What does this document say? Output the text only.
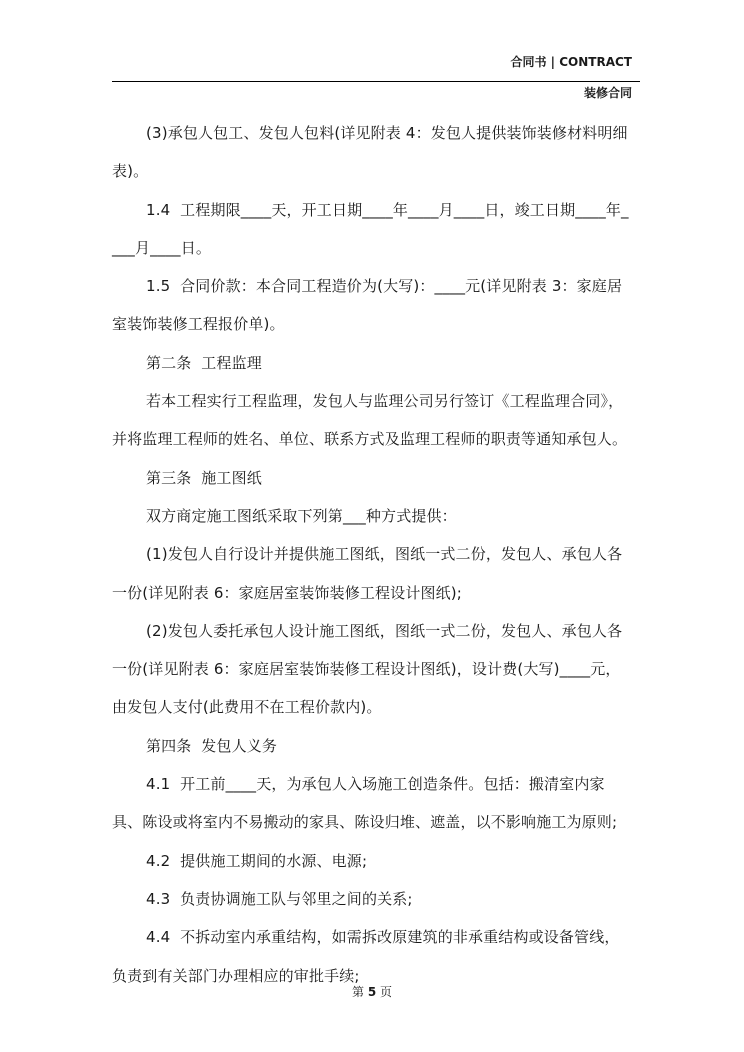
合同书 | CONTRACT
装修合同

(3)承包人包工、发包人包料(详见附表 4：发包人提供装饰装修材料明细表)。

1.4  工程期限____天，开工日期____年____月____日，竣工日期____年____月____日。

1.5  合同价款：本合同工程造价为(大写)：____元(详见附表 3：家庭居室装饰装修工程报价单)。

第二条  工程监理

若本工程实行工程监理，发包人与监理公司另行签订《工程监理合同》，并将监理工程师的姓名、单位、联系方式及监理工程师的职责等通知承包人。

第三条  施工图纸

双方商定施工图纸采取下列第___种方式提供：

(1)发包人自行设计并提供施工图纸，图纸一式二份，发包人、承包人各一份(详见附表 6：家庭居室装饰装修工程设计图纸);

(2)发包人委托承包人设计施工图纸，图纸一式二份，发包人、承包人各一份(详见附表 6：家庭居室装饰装修工程设计图纸)，设计费(大写)____元，由发包人支付(此费用不在工程价款内)。

第四条  发包人义务

4.1  开工前____天，为承包人入场施工创造条件。包括：搬清室内家具、陈设或将室内不易搬动的家具、陈设归堆、遮盖，以不影响施工为原则;

4.2  提供施工期间的水源、电源;

4.3  负责协调施工队与邻里之间的关系;

4.4  不拆动室内承重结构，如需拆改原建筑的非承重结构或设备管线，负责到有关部门办理相应的审批手续;

第 5 页
